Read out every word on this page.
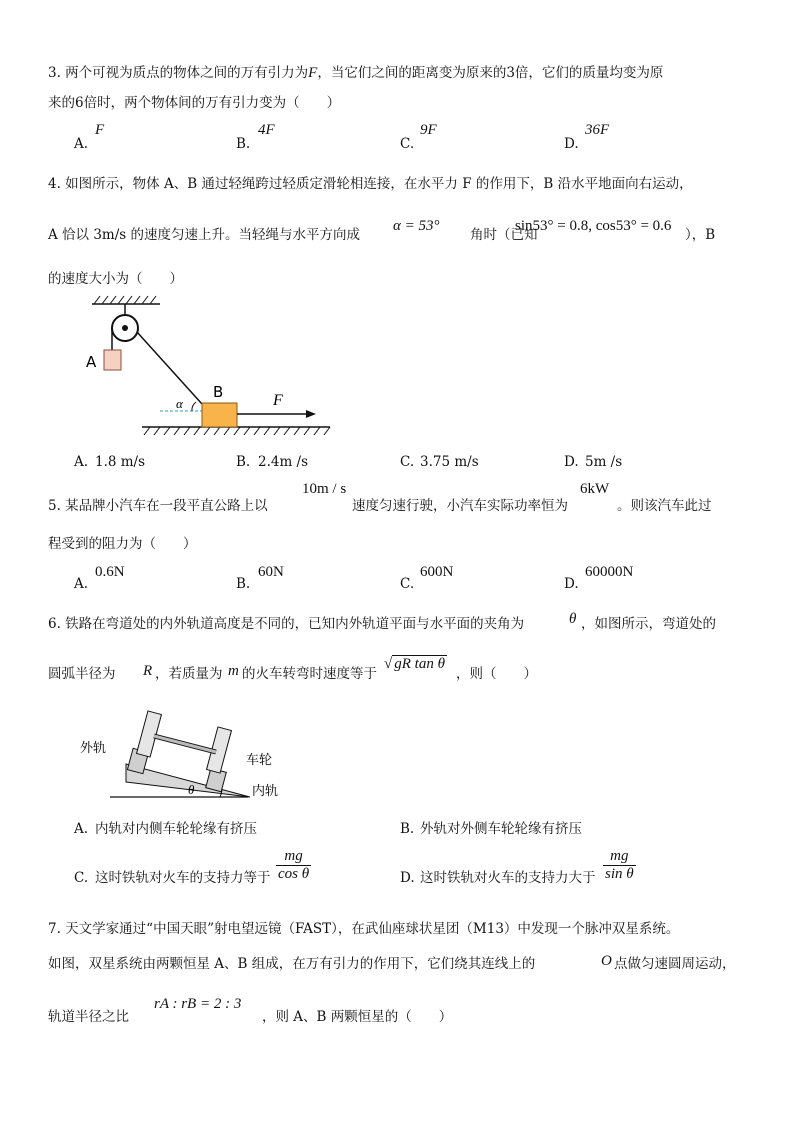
3. 两个可视为质点的物体之间的万有引力为F，当它们之间的距离变为原来的3倍，它们的质量均变为原
来的6倍时，两个物体间的万有引力变为（　　）
A.
F
B.
4F
C.
9F
D.
36F
4. 如图所示，物体 A、B 通过轻绳跨过轻质定滑轮相连接，在水平力 F 的作用下，B 沿水平地面向右运动，
A 恰以 3m/s 的速度匀速上升。当轻绳与水平方向成
α = 53°
角时（已知
sin53° = 0.8, cos53° = 0.6
），B
的速度大小为（　　）
A
α
B	F
A. 1.8 m/s	B. 2.4m /s	C. 3.75 m/s	D. 5m /s
5. 某品牌小汽车在一段平直公路上以
10m / s
速度匀速行驶，小汽车实际功率恒为
6kW
。则该汽车此过
程受到的阻力为（　　）
A.
0.6N
B.
60N
C.
600N
D.
60000N
6. 铁路在弯道处的内外轨道高度是不同的，已知内外轨道平面与水平面的夹角为	θ ，如图所示，弯道处的
圆弧半径为 R ，若质量为 m 的火车转弯时速度等于
√ gR tan θ
，则（　　）
θ
外轨
车轮
内轨
A. 内轨对内侧车轮轮缘有挤压	B. 外轨对外侧车轮轮缘有挤压
C. 这时铁轨对火车的支持力等于 $\frac{mg}{\text{cos θ}}$	D. 这时铁轨对火车的支持力大于 $\frac{mg}{\text{sin θ}}$
7. 天文学家通过“中国天眼”射电望远镜（FAST），在武仙座球状星团（M13）中发现一个脉冲双星系统。
如图，双星系统由两颗恒星 A、B 组成，在万有引力的作用下，它们绕其连线上的	O 点做匀速圆周运动，
轨道半径之比
rA : rB = 2 : 3
，则 A、B 两颗恒星的（　　）
